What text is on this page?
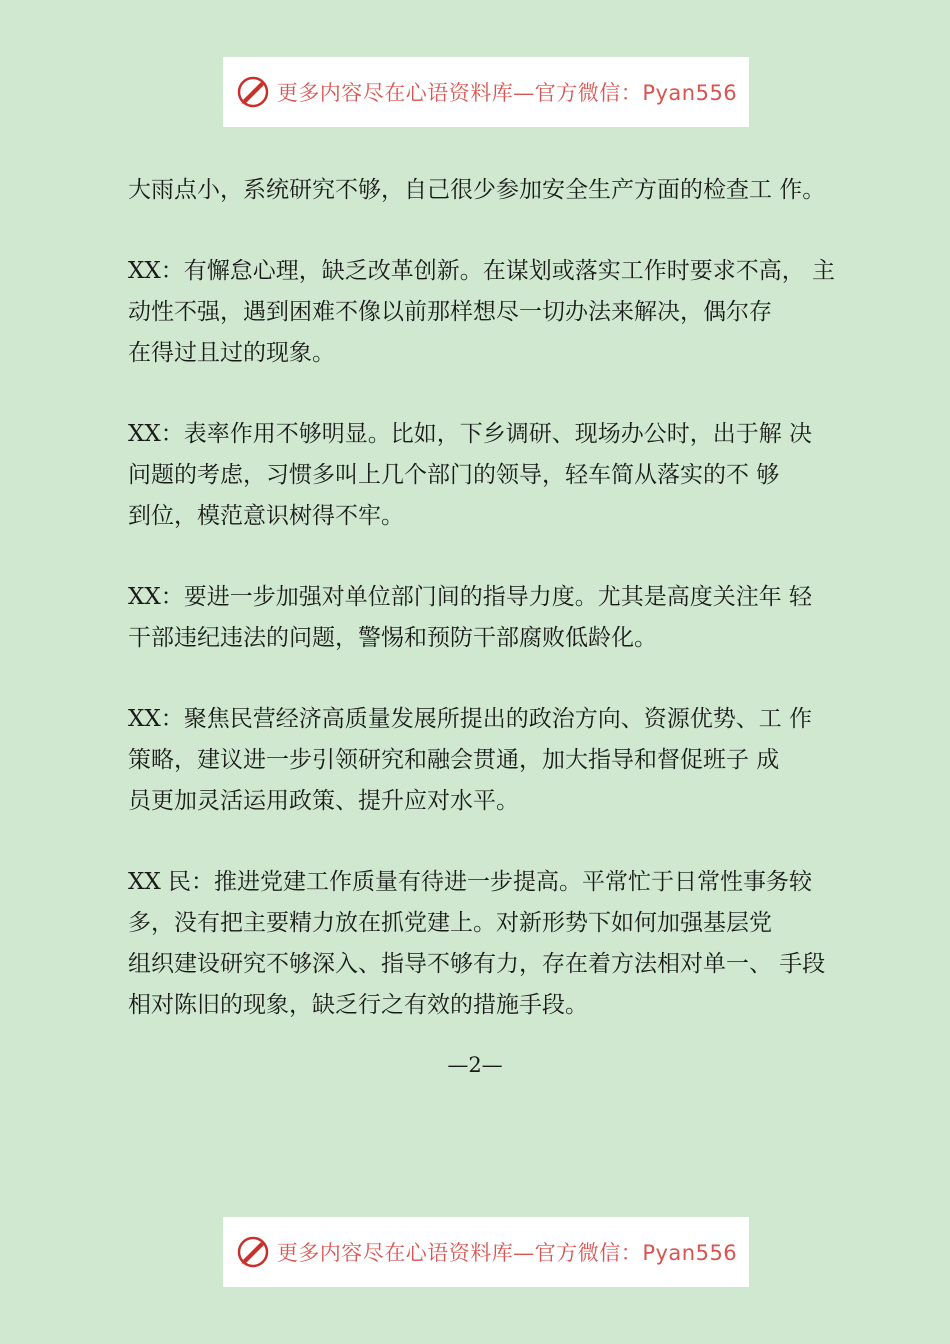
更多内容尽在心语资料库—官方微信：Pyan556

大雨点小，系统研究不够，自己很少参加安全生产方面的检查工 作。

XX：有懈怠心理，缺乏改革创新。在谋划或落实工作时要求不高， 主

动性不强，遇到困难不像以前那样想尽一切办法来解决，偶尔存

在得过且过的现象。

XX：表率作用不够明显。比如，下乡调研、现场办公时，出于解 决

问题的考虑，习惯多叫上几个部门的领导，轻车简从落实的不 够

到位，模范意识树得不牢。

XX：要进一步加强对单位部门间的指导力度。尤其是高度关注年 轻

干部违纪违法的问题，警惕和预防干部腐败低龄化。

XX：聚焦民营经济高质量发展所提出的政治方向、资源优势、工 作

策略，建议进一步引领研究和融会贯通，加大指导和督促班子 成

员更加灵活运用政策、提升应对水平。

XX 民：推进党建工作质量有待进一步提高。平常忙于日常性事务较

多，没有把主要精力放在抓党建上。对新形势下如何加强基层党

组织建设研究不够深入、指导不够有力，存在着方法相对单一、 手段

相对陈旧的现象，缺乏行之有效的措施手段。

—2—
更多内容尽在心语资料库—官方微信：Pyan556
